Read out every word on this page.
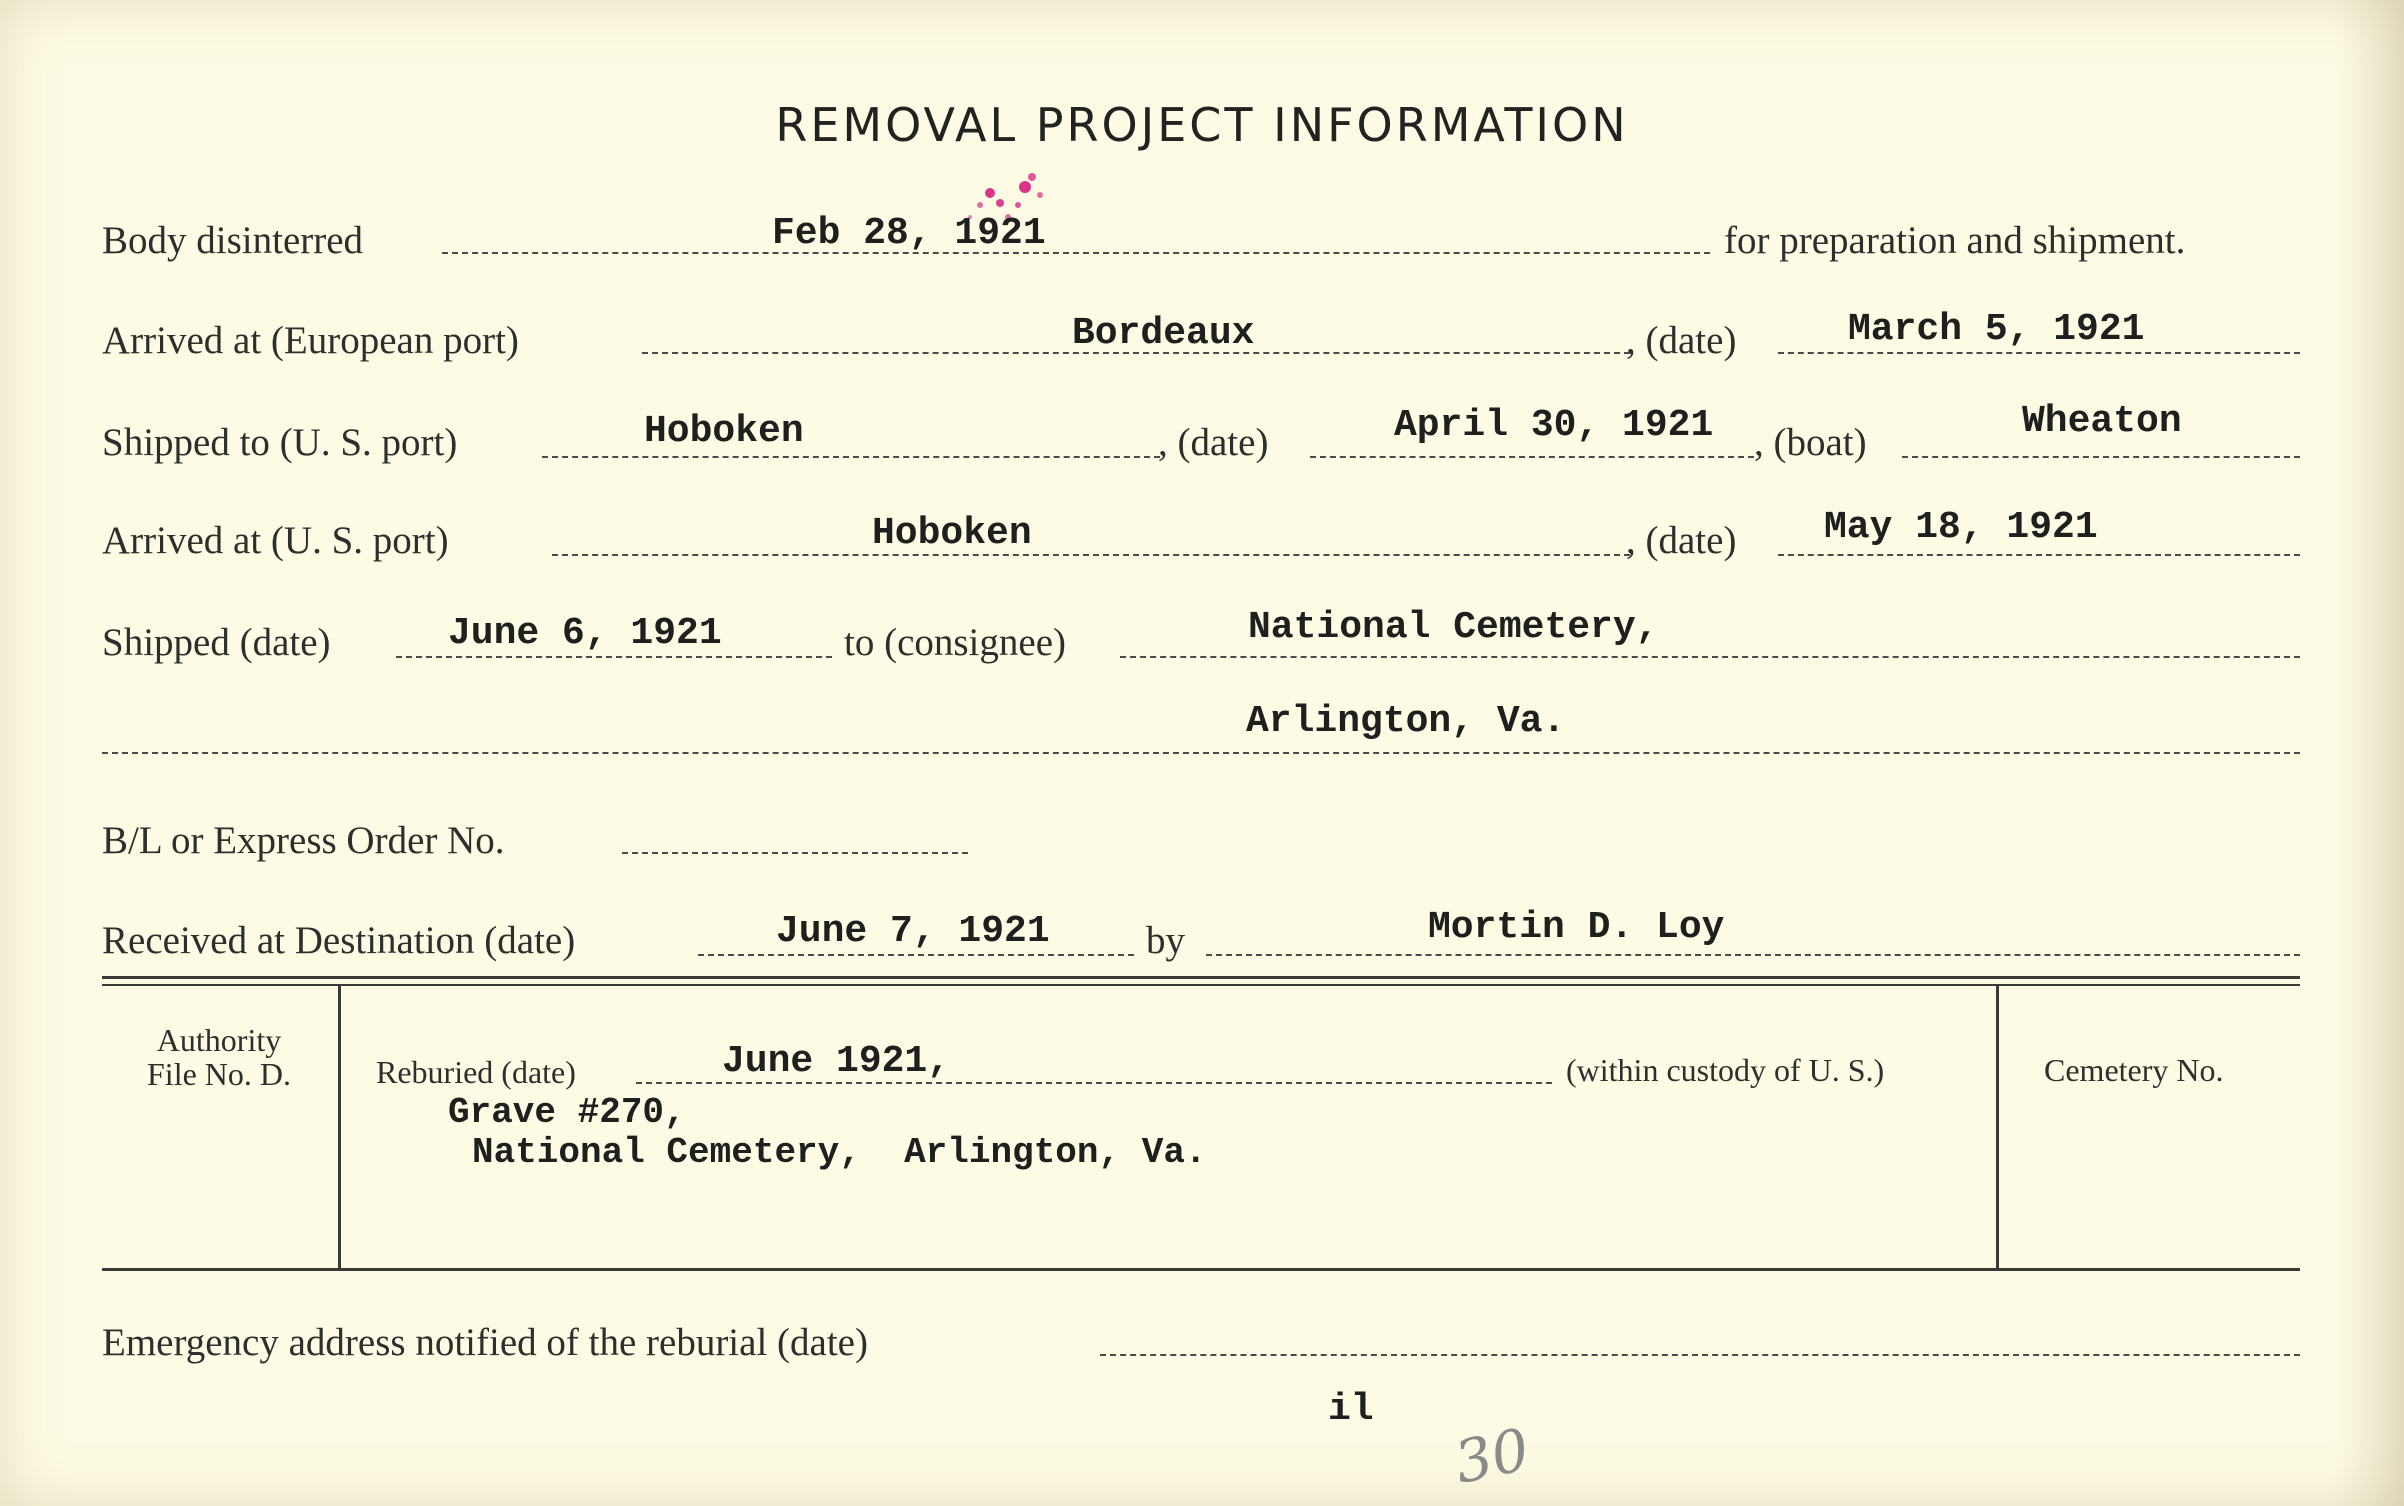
REMOVAL PROJECT INFORMATION
Body disinterred	Feb 28, 1921	for preparation and shipment.
Arrived at (European port)	Bordeaux	, (date)	March 5, 1921
Shipped to (U. S. port)	Hoboken	, (date)	April 30, 1921 , (boat)	Wheaton
Arrived at (U. S. port)	Hoboken	, (date) May 18, 1921
Shipped (date)	June 6, 1921	to (consignee)	National Cemetery,
Arlington, Va.
B/L or Express Order No.
Received at Destination (date)	June 7, 1921 by	Mortin D. Loy
Authority
File No. D.	Reburied (date)	June 1921,	(within custody of U. S.)	Cemetery No.
Grave #270,
National Cemetery,  Arlington, Va.
Emergency address notified of the reburial (date)
il
30
